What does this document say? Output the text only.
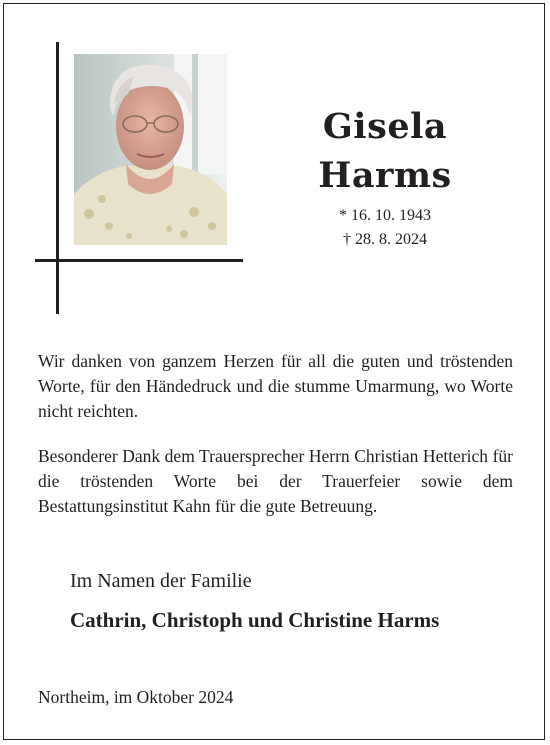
Gisela
Harms
* 16. 10. 1943
† 28. 8. 2024

Wir danken von ganzem Herzen für all die guten und tröstenden Worte, für den Händedruck und die stumme Umarmung, wo Worte nicht reichten.

Besonderer Dank dem Trauersprecher Herrn Christian Hetterich für die tröstenden Worte bei der Trauerfeier sowie dem Bestattungsinstitut Kahn für die gute Betreuung.

Im Namen der Familie
Cathrin, Christoph und Christine Harms
Northeim, im Oktober 2024
